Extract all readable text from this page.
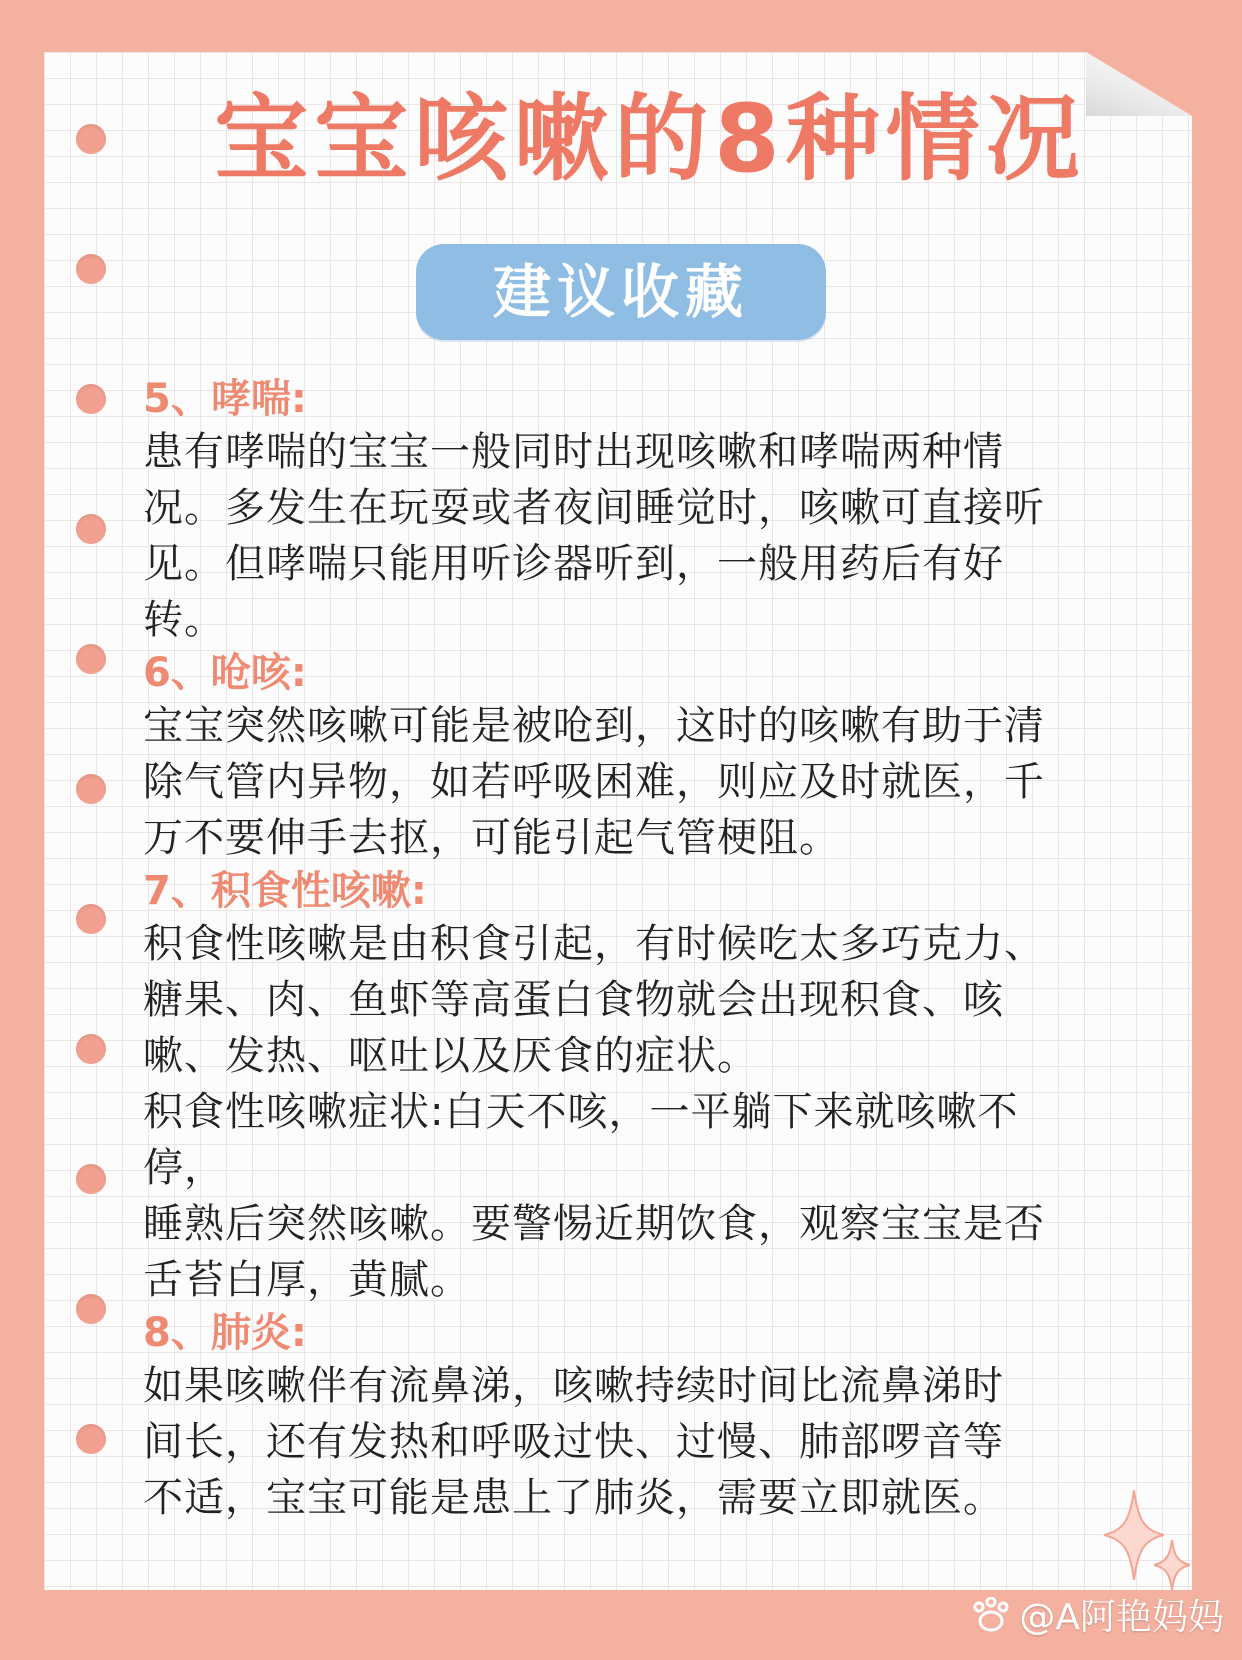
宝宝咳嗽的8种情况
建议收藏
5、哮喘:
患有哮喘的宝宝一般同时出现咳嗽和哮喘两种情
况。多发生在玩耍或者夜间睡觉时，咳嗽可直接听
见。但哮喘只能用听诊器听到，一般用药后有好
转。
6、呛咳:
宝宝突然咳嗽可能是被呛到，这时的咳嗽有助于清
除气管内异物，如若呼吸困难，则应及时就医，千
万不要伸手去抠，可能引起气管梗阻。
7、积食性咳嗽:
积食性咳嗽是由积食引起，有时候吃太多巧克力、
糖果、肉、鱼虾等高蛋白食物就会出现积食、咳
嗽、发热、呕吐以及厌食的症状。
积食性咳嗽症状:白天不咳，一平躺下来就咳嗽不
停，
睡熟后突然咳嗽。要警惕近期饮食，观察宝宝是否
舌苔白厚，黄腻。
8、肺炎:
如果咳嗽伴有流鼻涕，咳嗽持续时间比流鼻涕时
间长，还有发热和呼吸过快、过慢、肺部啰音等
不适，宝宝可能是患上了肺炎，需要立即就医。
@A阿艳妈妈
